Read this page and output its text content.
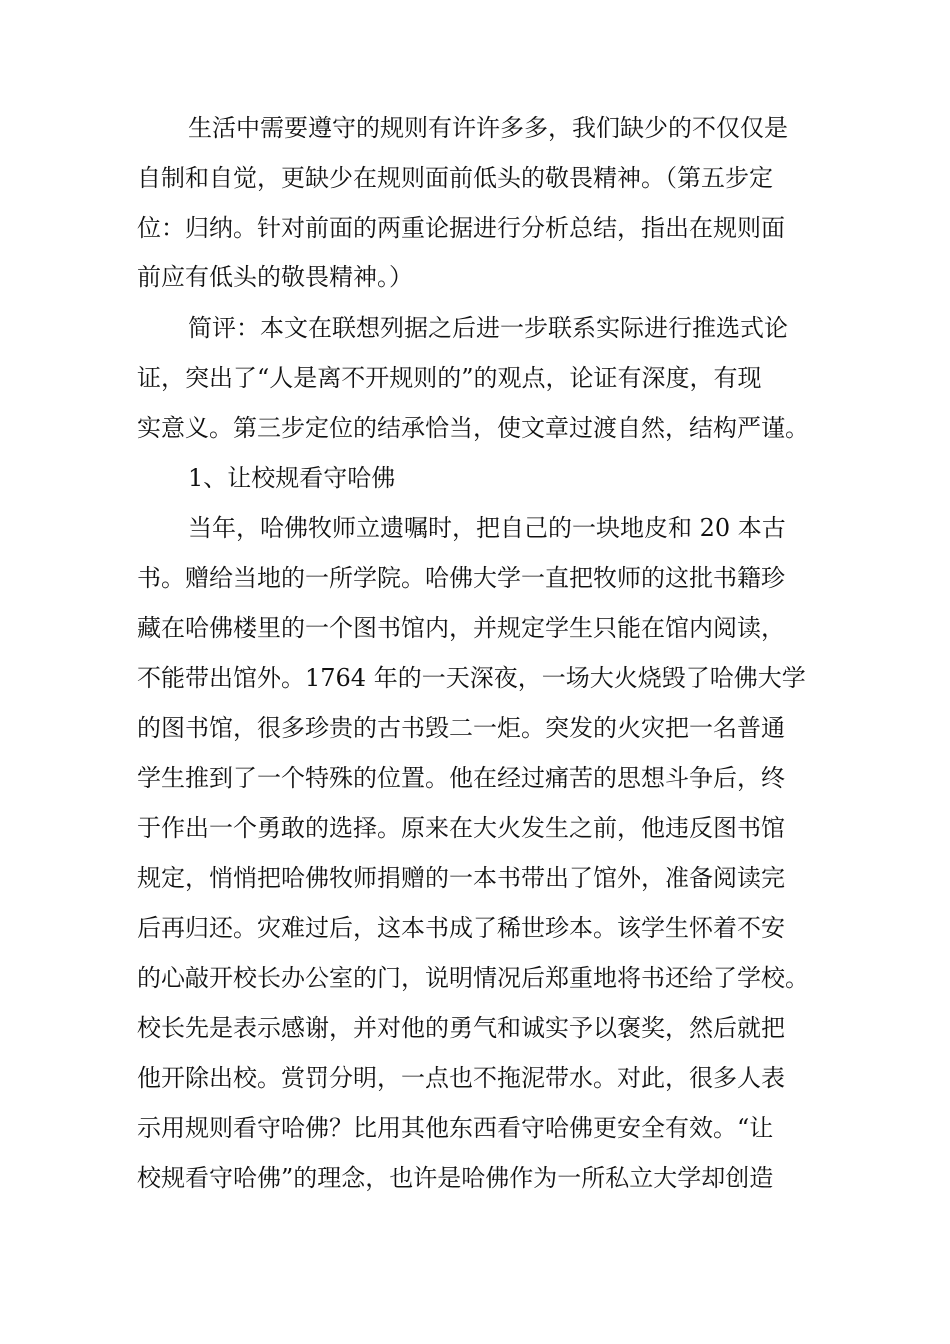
生活中需要遵守的规则有许许多多，我们缺少的不仅仅是
自制和自觉，更缺少在规则面前低头的敬畏精神。（第五步定
位：归纳。针对前面的两重论据进行分析总结，指出在规则面
前应有低头的敬畏精神。）
简评：本文在联想列据之后进一步联系实际进行推选式论
证，突出了“人是离不开规则的”的观点，论证有深度，有现
实意义。第三步定位的结承恰当，使文章过渡自然，结构严谨。
1、让校规看守哈佛
当年，哈佛牧师立遗嘱时，把自己的一块地皮和 20 本古
书。赠给当地的一所学院。哈佛大学一直把牧师的这批书籍珍
藏在哈佛楼里的一个图书馆内，并规定学生只能在馆内阅读，
不能带出馆外。1764 年的一天深夜，一场大火烧毁了哈佛大学
的图书馆，很多珍贵的古书毁二一炬。突发的火灾把一名普通
学生推到了一个特殊的位置。他在经过痛苦的思想斗争后，终
于作出一个勇敢的选择。原来在大火发生之前，他违反图书馆
规定，悄悄把哈佛牧师捐赠的一本书带出了馆外，准备阅读完
后再归还。灾难过后，这本书成了稀世珍本。该学生怀着不安
的心敲开校长办公室的门，说明情况后郑重地将书还给了学校。
校长先是表示感谢，并对他的勇气和诚实予以褒奖，然后就把
他开除出校。赏罚分明，一点也不拖泥带水。对此，很多人表
示用规则看守哈佛？比用其他东西看守哈佛更安全有效。“让
校规看守哈佛”的理念，也许是哈佛作为一所私立大学却创造
